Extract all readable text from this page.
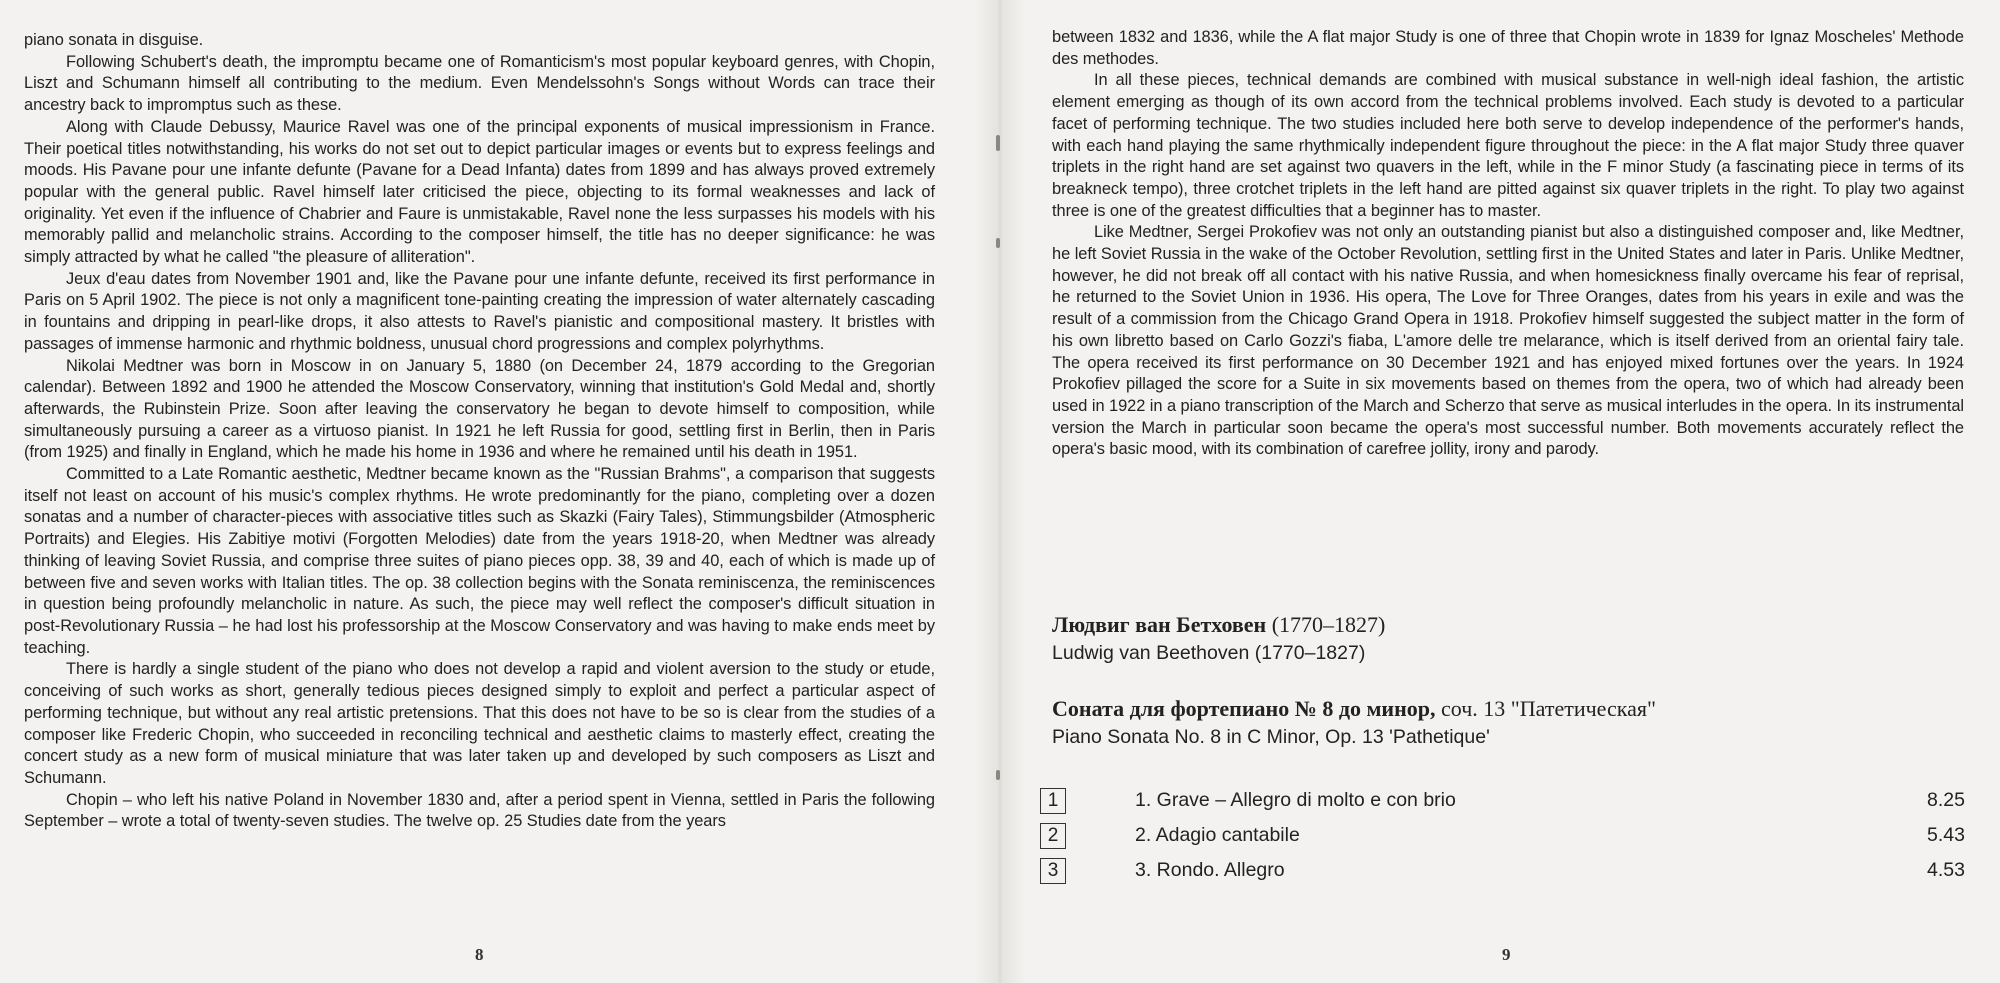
piano sonata in disguise.

Following Schubert's death, the impromptu became one of Romanticism's most popular keyboard genres, with Chopin, Liszt and Schumann himself all contributing to the medium. Even Mendelssohn's Songs without Words can trace their ancestry back to impromptus such as these.

Along with Claude Debussy, Maurice Ravel was one of the principal exponents of musical impressionism in France. Their poetical titles notwithstanding, his works do not set out to depict particular images or events but to express feelings and moods. His Pavane pour une infante defunte (Pavane for a Dead Infanta) dates from 1899 and has always proved extremely popular with the general public. Ravel himself later criticised the piece, objecting to its formal weaknesses and lack of originality. Yet even if the influence of Chabrier and Faure is unmistakable, Ravel none the less surpasses his models with his memorably pallid and melancholic strains. According to the composer himself, the title has no deeper significance: he was simply attracted by what he called "the pleasure of alliteration".

Jeux d'eau dates from November 1901 and, like the Pavane pour une infante defunte, received its first performance in Paris on 5 April 1902. The piece is not only a magnificent tone-painting creating the impression of water alternately cascading in fountains and dripping in pearl-like drops, it also attests to Ravel's pianistic and compositional mastery. It bristles with passages of immense harmonic and rhythmic boldness, unusual chord progressions and complex polyrhythms.

Nikolai Medtner was born in Moscow in on January 5, 1880 (on December 24, 1879 according to the Gregorian calendar). Between 1892 and 1900 he attended the Moscow Conservatory, winning that institution's Gold Medal and, shortly afterwards, the Rubinstein Prize. Soon after leaving the conservatory he began to devote himself to composition, while simultaneously pursuing a career as a virtuoso pianist. In 1921 he left Russia for good, settling first in Berlin, then in Paris (from 1925) and finally in England, which he made his home in 1936 and where he remained until his death in 1951.

Committed to a Late Romantic aesthetic, Medtner became known as the "Russian Brahms", a comparison that suggests itself not least on account of his music's complex rhythms. He wrote predominantly for the piano, completing over a dozen sonatas and a number of character-pieces with associative titles such as Skazki (Fairy Tales), Stimmungsbilder (Atmospheric Portraits) and Elegies. His Zabitiye motivi (Forgotten Melodies) date from the years 1918-20, when Medtner was already thinking of leaving Soviet Russia, and comprise three suites of piano pieces opp. 38, 39 and 40, each of which is made up of between five and seven works with Italian titles. The op. 38 collection begins with the Sonata reminiscenza, the reminiscences in question being profoundly melancholic in nature. As such, the piece may well reflect the composer's difficult situation in post-Revolutionary Russia – he had lost his professorship at the Moscow Conservatory and was having to make ends meet by teaching.

There is hardly a single student of the piano who does not develop a rapid and violent aversion to the study or etude, conceiving of such works as short, generally tedious pieces designed simply to exploit and perfect a particular aspect of performing technique, but without any real artistic pretensions. That this does not have to be so is clear from the studies of a composer like Frederic Chopin, who succeeded in reconciling technical and aesthetic claims to masterly effect, creating the concert study as a new form of musical miniature that was later taken up and developed by such composers as Liszt and Schumann.

Chopin – who left his native Poland in November 1830 and, after a period spent in Vienna, settled in Paris the following September – wrote a total of twenty-seven studies. The twelve op. 25 Studies date from the years

8

between 1832 and 1836, while the A flat major Study is one of three that Chopin wrote in 1839 for Ignaz Moscheles' Methode des methodes.

In all these pieces, technical demands are combined with musical substance in well-nigh ideal fashion, the artistic element emerging as though of its own accord from the technical problems involved. Each study is devoted to a particular facet of performing technique. The two studies included here both serve to develop independence of the performer's hands, with each hand playing the same rhythmically independent figure throughout the piece: in the A flat major Study three quaver triplets in the right hand are set against two quavers in the left, while in the F minor Study (a fascinating piece in terms of its breakneck tempo), three crotchet triplets in the left hand are pitted against six quaver triplets in the right. To play two against three is one of the greatest difficulties that a beginner has to master.

Like Medtner, Sergei Prokofiev was not only an outstanding pianist but also a distinguished composer and, like Medtner, he left Soviet Russia in the wake of the October Revolution, settling first in the United States and later in Paris. Unlike Medtner, however, he did not break off all contact with his native Russia, and when homesickness finally overcame his fear of reprisal, he returned to the Soviet Union in 1936. His opera, The Love for Three Oranges, dates from his years in exile and was the result of a commission from the Chicago Grand Opera in 1918. Prokofiev himself suggested the subject matter in the form of his own libretto based on Carlo Gozzi's fiaba, L'amore delle tre melarance, which is itself derived from an oriental fairy tale. The opera received its first performance on 30 December 1921 and has enjoyed mixed fortunes over the years. In 1924 Prokofiev pillaged the score for a Suite in six movements based on themes from the opera, two of which had already been used in 1922 in a piano transcription of the March and Scherzo that serve as musical interludes in the opera. In its instrumental version the March in particular soon became the opera's most successful number. Both movements accurately reflect the opera's basic mood, with its combination of carefree jollity, irony and parody.

Людвиг ван Бетховен (1770–1827)
Ludwig van Beethoven (1770–1827)
Соната для фортепиано № 8 до минор, соч. 13 "Патетическая"
Piano Sonata No. 8 in C Minor, Op. 13 'Pathetique'
1	1. Grave – Allegro di molto e con brio	8.25
2	2. Adagio cantabile	5.43
3	3. Rondo. Allegro	4.53
9
